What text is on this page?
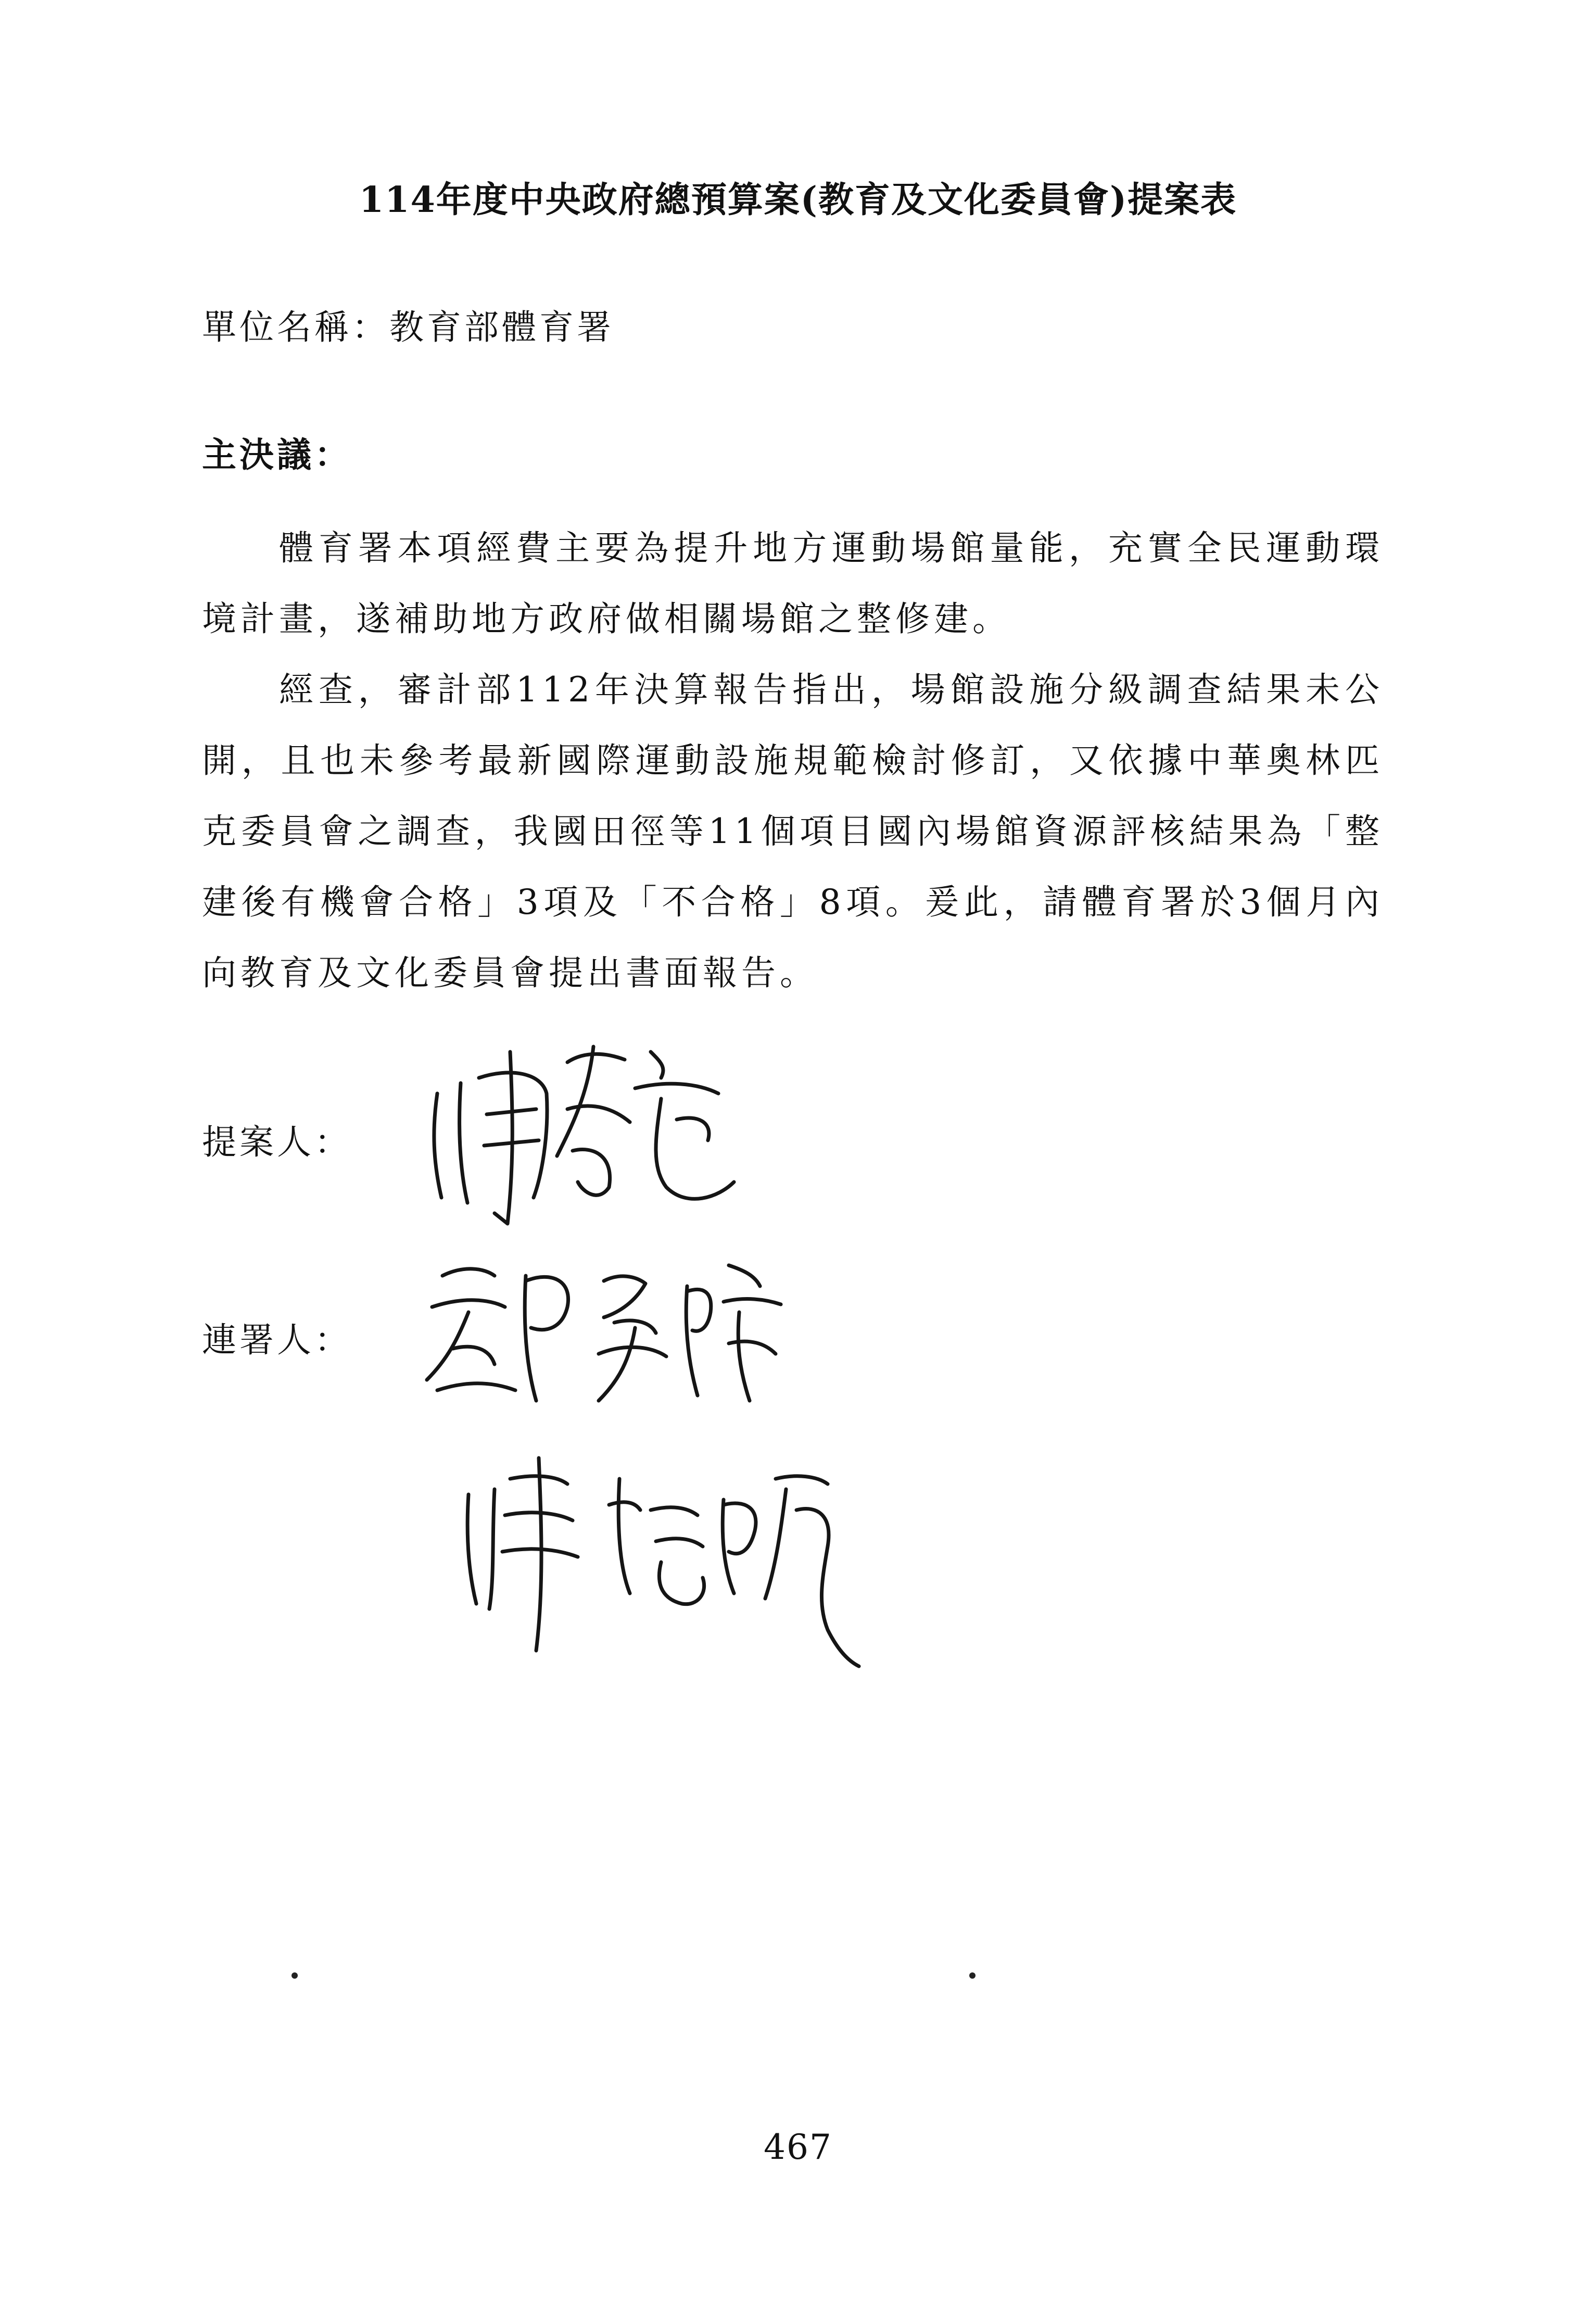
114年度中央政府總預算案(教育及文化委員會)提案表
單位名稱：教育部體育署
主決議：
體育署本項經費主要為提升地方運動場館量能，充實全民運動環境計畫，遂補助地方政府做相關場館之整修建。
經查，審計部112年決算報告指出，場館設施分級調查結果未公開，且也未參考最新國際運動設施規範檢討修訂，又依據中華奧林匹克委員會之調查，我國田徑等11個項目國內場館資源評核結果為「整建後有機會合格」3項及「不合格」8項。爰此，請體育署於3個月內向教育及文化委員會提出書面報告。
提案人：
連署人：
467
